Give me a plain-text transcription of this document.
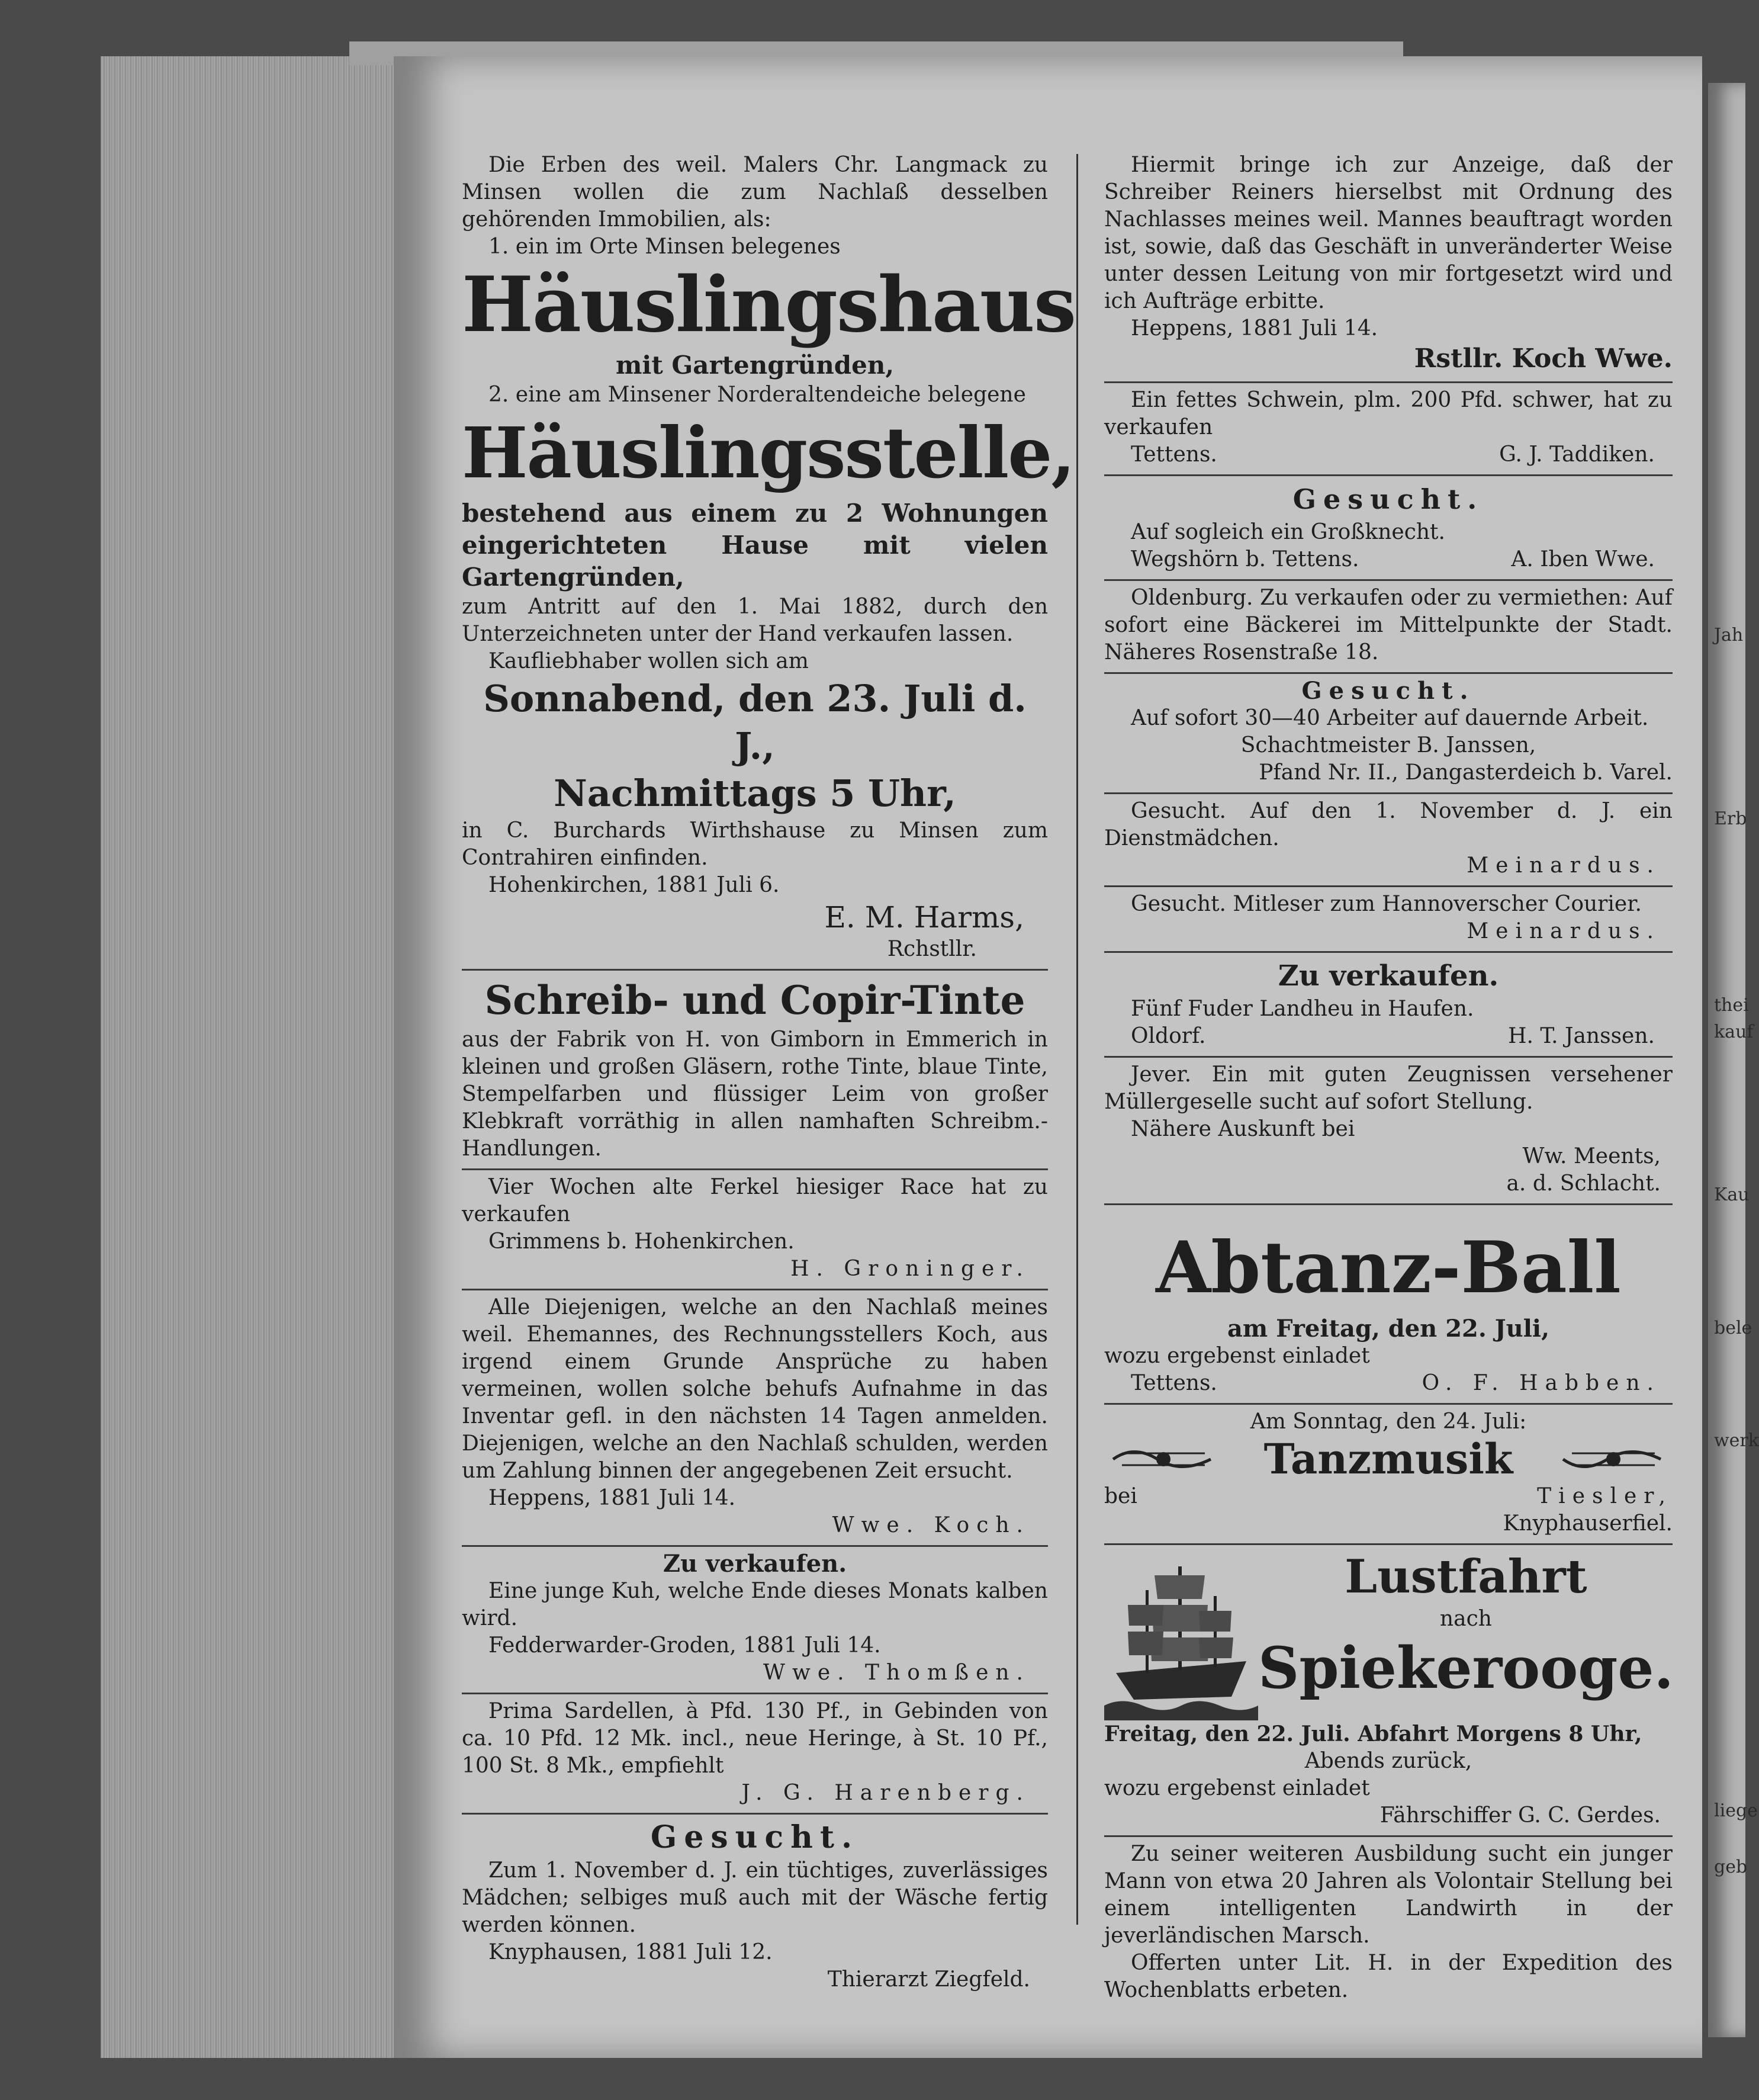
Jah
Erb
thei
kauf
Kau
bele
werk
liege
geb

Die Erben des weil. Malers Chr. Langmack zu Minsen wollen die zum Nachlaß desselben gehörenden Immobilien, als:

1. ein im Orte Minsen belegenes

Häuslingshaus

mit Gartengründen,

2. eine am Minsener Norderaltendeiche belegene

Häuslingsstelle,

bestehend aus einem zu 2 Wohnungen eingerichteten Hause mit vielen Gartengründen,

zum Antritt auf den 1. Mai 1882, durch den Unterzeichneten unter der Hand verkaufen lassen.

Kaufliebhaber wollen sich am

Sonnabend, den 23. Juli d. J.,

Nachmittags 5 Uhr,

in C. Burchards Wirthshause zu Minsen zum Contrahiren einfinden.

Hohenkirchen, 1881 Juli 6.

E. M. Harms,

Rchstllr.

Schreib- und Copir-Tinte

aus der Fabrik von H. von Gimborn in Emmerich in kleinen und großen Gläsern, rothe Tinte, blaue Tinte, Stempelfarben und flüssiger Leim von großer Klebkraft vorräthig in allen namhaften Schreibm.-Handlungen.

Vier Wochen alte Ferkel hiesiger Race hat zu verkaufen

Grimmens b. Hohenkirchen.

H. Groninger.

Alle Diejenigen, welche an den Nachlaß meines weil. Ehemannes, des Rechnungsstellers Koch, aus irgend einem Grunde Ansprüche zu haben vermeinen, wollen solche behufs Aufnahme in das Inventar gefl. in den nächsten 14 Tagen anmelden. Diejenigen, welche an den Nachlaß schulden, werden um Zahlung binnen der angegebenen Zeit ersucht.

Heppens, 1881 Juli 14.

Wwe. Koch.

Zu verkaufen.

Eine junge Kuh, welche Ende dieses Monats kalben wird.

Fedderwarder-Groden, 1881 Juli 14.

Wwe. Thomßen.

Prima Sardellen, à Pfd. 130 Pf., in Gebinden von ca. 10 Pfd. 12 Mk. incl., neue Heringe, à St. 10 Pf., 100 St. 8 Mk., empfiehlt

J. G. Harenberg.

Gesucht.

Zum 1. November d. J. ein tüchtiges, zuverlässiges Mädchen; selbiges muß auch mit der Wäsche fertig werden können.

Knyphausen, 1881 Juli 12.

Thierarzt Ziegfeld.

Hiermit bringe ich zur Anzeige, daß der Schreiber Reiners hierselbst mit Ordnung des Nachlasses meines weil. Mannes beauftragt worden ist, sowie, daß das Geschäft in unveränderter Weise unter dessen Leitung von mir fortgesetzt wird und ich Aufträge erbitte.

Heppens, 1881 Juli 14.

Rstllr. Koch Wwe.

Ein fettes Schwein, plm. 200 Pfd. schwer, hat zu verkaufen

Tettens.	G. J. Taddiken.

Gesucht.

Auf sogleich ein Großknecht.

Wegshörn b. Tettens.	A. Iben Wwe.

Oldenburg. Zu verkaufen oder zu vermiethen: Auf sofort eine Bäckerei im Mittelpunkte der Stadt. Näheres Rosenstraße 18.

Gesucht.

Auf sofort 30—40 Arbeiter auf dauernde Arbeit.

Schachtmeister B. Janssen,

Pfand Nr. II., Dangasterdeich b. Varel.

Gesucht. Auf den 1. November d. J. ein Dienstmädchen.

Meinardus.

Gesucht. Mitleser zum Hannoverscher Courier.

Meinardus.

Zu verkaufen.

Fünf Fuder Landheu in Haufen.

Oldorf.	H. T. Janssen.

Jever. Ein mit guten Zeugnissen versehener Müllergeselle sucht auf sofort Stellung.

Nähere Auskunft bei

Ww. Meents,

a. d. Schlacht.

Abtanz-Ball

am Freitag, den 22. Juli,

wozu ergebenst einladet

Tettens.	O. F. Habben.

Am Sonntag, den 24. Juli:

Tanzmusik

bei	Tiesler,

Knyphauserfiel.

Lustfahrt

nach

Spiekerooge.

Freitag, den 22. Juli. Abfahrt Morgens 8 Uhr,

Abends zurück,

wozu ergebenst einladet

Fährschiffer G. C. Gerdes.

Zu seiner weiteren Ausbildung sucht ein junger Mann von etwa 20 Jahren als Volontair Stellung bei einem intelligenten Landwirth in der jeverländischen Marsch.

Offerten unter Lit. H. in der Expedition des Wochenblatts erbeten.
